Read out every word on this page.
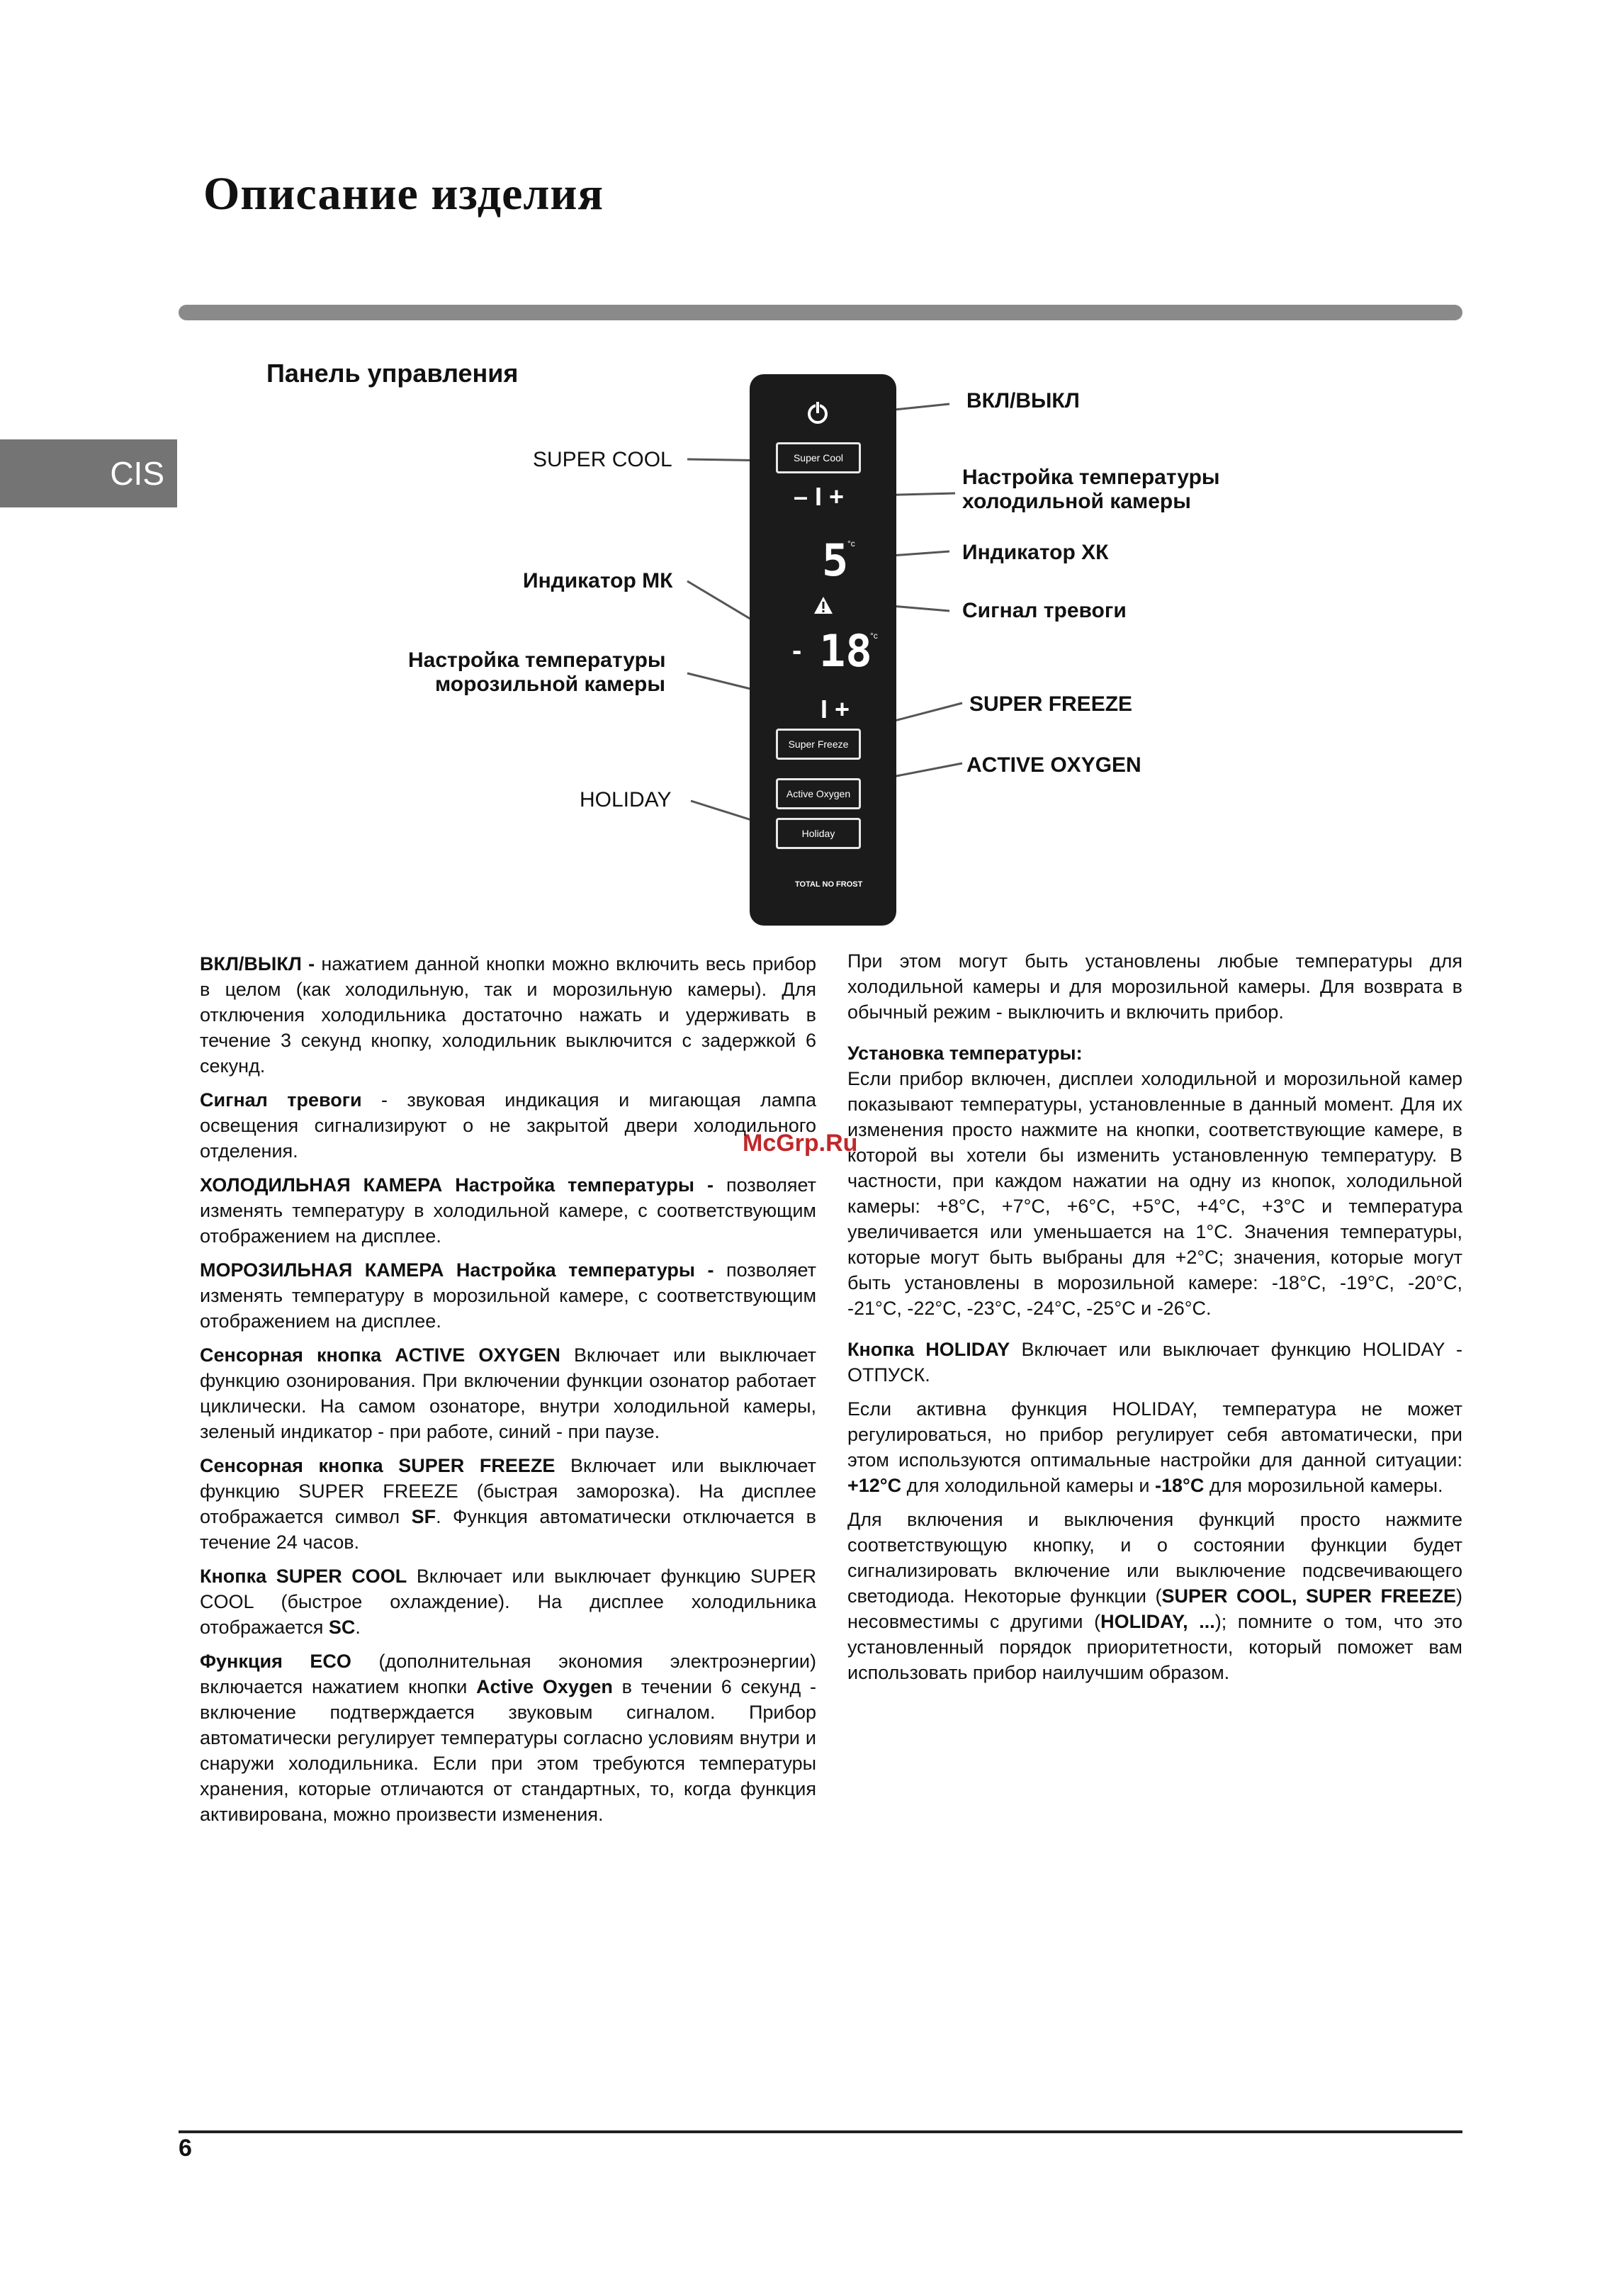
Описание изделия
CIS
Панель управления
Super Cool
– I +
5
°c
- 18
°c
I +
Super Freeze
Active Oxygen
Holiday
TOTAL NO FROST
ВКЛ/ВЫКЛ
SUPER COOL
Настройка температуры
холодильной камеры
Индикатор ХК
Индикатор МК
Сигнал тревоги
Настройка температуры
морозильной камеры
SUPER FREEZE
ACTIVE OXYGEN
HOLIDAY
McGrp.Ru

ВКЛ/ВЫКЛ - нажатием данной кнопки можно включить весь прибор в целом (как холодильную, так и морозильную камеры). Для отключения холодильника достаточно нажать и удерживать в течение 3 секунд кнопку, холодильник выключится с задержкой 6 секунд.

Сигнал тревоги - звуковая индикация и мигающая лампа освещения сигнализируют о не закрытой двери холодильного отделения.

ХОЛОДИЛЬНАЯ КАМЕРА Настройка температуры - позволяет изменять температуру в холодильной камере, с соответствующим отображением на дисплее.

МОРОЗИЛЬНАЯ КАМЕРА Настройка температуры - позволяет изменять температуру в морозильной камере, с соответствующим отображением на дисплее.

Сенсорная кнопка ACTIVE OXYGEN Включает или выключает функцию озонирования. При включении функции озонатор работает циклически. На самом озонаторе, внутри холодильной камеры, зеленый индикатор - при работе, синий - при паузе.

Сенсорная кнопка SUPER FREEZE Включает или выключает функцию SUPER FREEZE (быстрая заморозка). На дисплее отображается символ SF. Функция автоматически отключается в течение 24 часов.

Кнопка SUPER COOL Включает или выключает функцию SUPER COOL (быстрое охлаждение). На дисплее холодильника отображается SC.

Функция ECO (дополнительная экономия электроэнергии) включается нажатием кнопки Active Oxygen в течении 6 секунд - включение подтверждается звуковым сигналом. Прибор автоматически регулирует температуры согласно условиям внутри и снаружи холодильника. Если при этом требуются температуры хранения, которые отличаются от стандартных, то, когда функция активирована, можно произвести изменения.

При этом могут быть установлены любые температуры для холодильной камеры и для морозильной камеры. Для возврата в обычный режим - выключить и включить прибор.

Установка температуры:
Если прибор включен, дисплеи холодильной и морозильной камер показывают температуры, установленные в данный момент. Для их изменения просто нажмите на кнопки, соответствующие камере, в которой вы хотели бы изменить установленную температуру. В частности, при каждом нажатии на одну из кнопок, холодильной камеры: +8°C, +7°C, +6°C, +5°C, +4°C, +3°C и температура увеличивается или уменьшается на 1°C. Значения температуры, которые могут быть выбраны для +2°C; значения, которые могут быть установлены в морозильной камере: -18°C, -19°C, -20°C, -21°C, -22°C, -23°C, -24°C, -25°C и -26°C.

Кнопка HOLIDAY Включает или выключает функцию HOLIDAY - ОТПУСК.

Если активна функция HOLIDAY, температура не может регулироваться, но прибор регулирует себя автоматически, при этом используются оптимальные настройки для данной ситуации: +12°C для холодильной камеры и -18°C для морозильной камеры.

Для включения и выключения функций просто нажмите соответствующую кнопку, и о состоянии функции будет сигнализировать включение или выключение подсвечивающего светодиода. Некоторые функции (SUPER COOL, SUPER FREEZE) несовместимы с другими (HOLIDAY, ...); помните о том, что это установленный порядок приоритетности, который поможет вам использовать прибор наилучшим образом.

6
